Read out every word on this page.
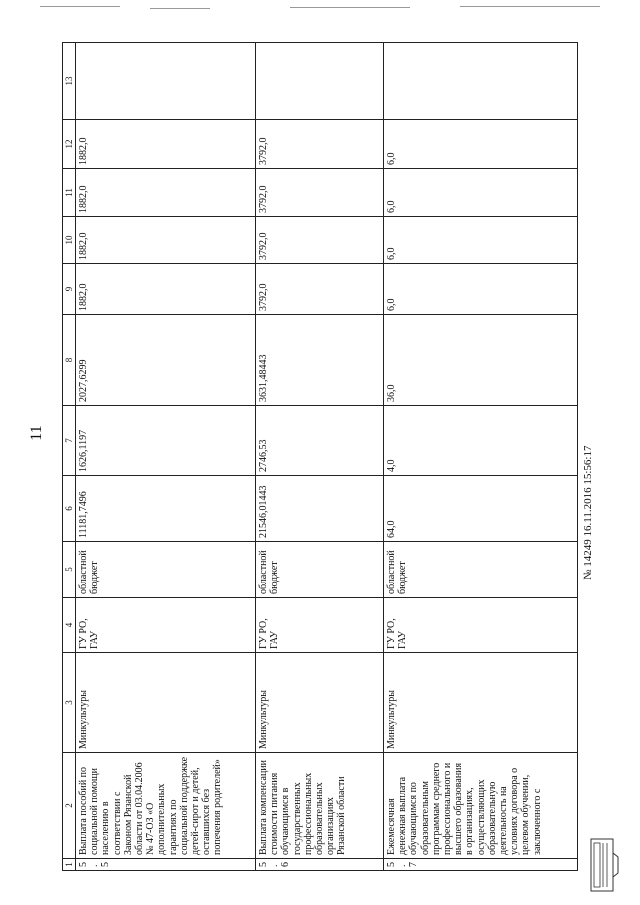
11
1	2	3	4	5	6	7	8	9	10	11	12	13
5.5	Выплата пособий по социальной помощи населению в соответствии с Законом Рязанской области от 03.04.2006 № 47-ОЗ «О дополнительных гарантиях по социальной поддержке детей-сирот и детей, оставшихся без попечения родителей»	Минкультуры	ГУ РО, ГАУ	областной бюджет	11181,7496	1626,1197	2027,6299	1882,0	1882,0	1882,0	1882,0	
5.6	Выплата компенсации стоимости питания обучающимся в государственных профессиональных образовательных организациях Рязанской области	Минкультуры	ГУ РО, ГАУ	областной бюджет	21546,01443	2746,53	3631,48443	3792,0	3792,0	3792,0	3792,0	
5.7	Ежемесячная денежная выплата обучающимся по образовательным программам среднего профессионального и высшего образования в организациях, осуществляющих образовательную деятельность на условиях договора о целевом обучении, заключенного с	Минкультуры	ГУ РО, ГАУ	областной бюджет	64,0	4,0	36,0	6,0	6,0	6,0	6,0	
№ 14249 16.11.2016 15:56:17
